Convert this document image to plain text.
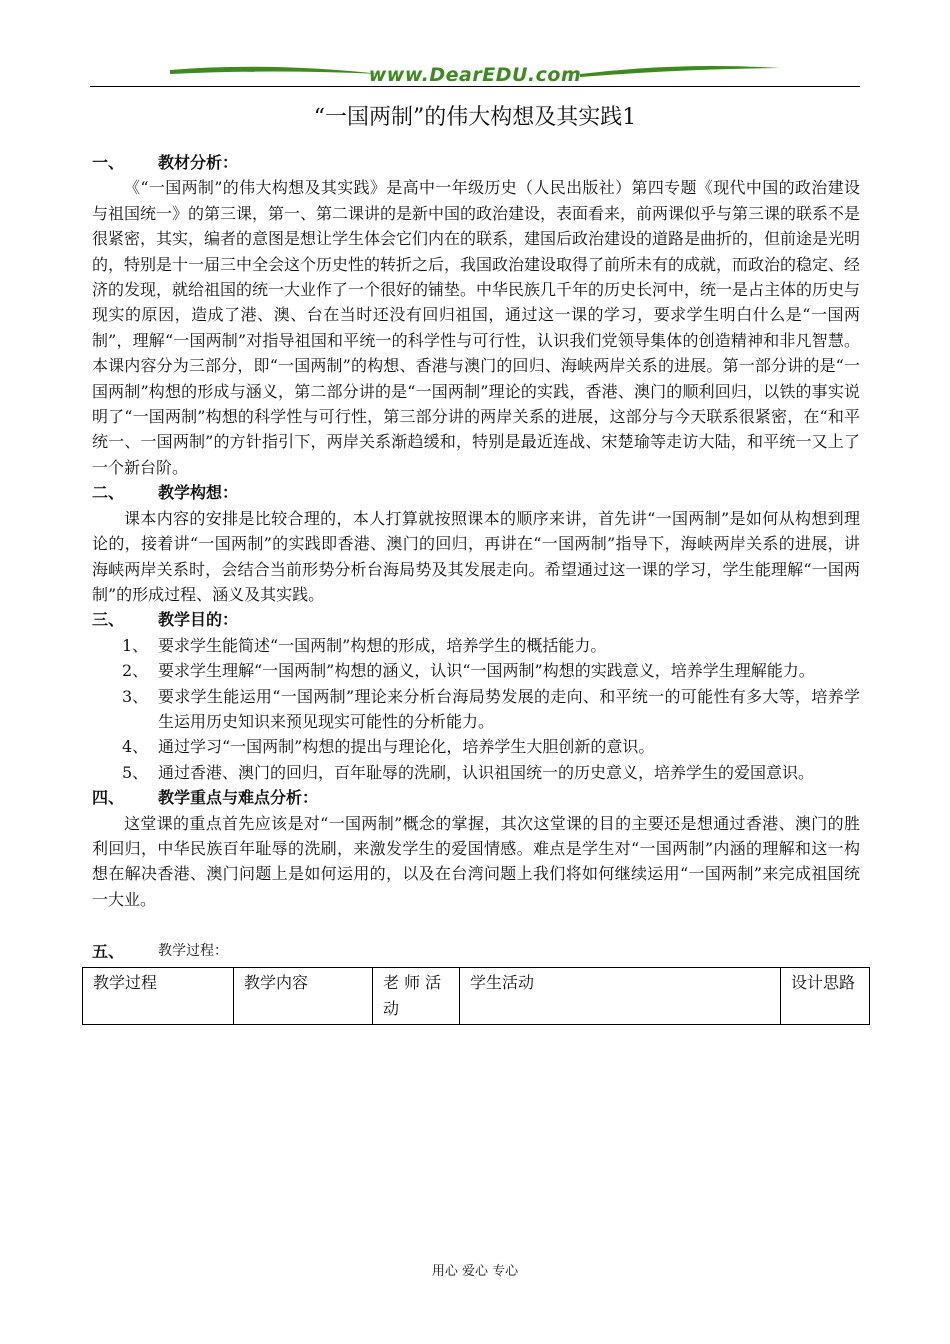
www.DearEDU.com
“一国两制”的伟大构想及其实践1
一、	教材分析：

《“一国两制”的伟大构想及其实践》是高中一年级历史（人民出版社）第四专题《现代中国的政治建设与祖国统一》的第三课，第一、第二课讲的是新中国的政治建设，表面看来，前两课似乎与第三课的联系不是很紧密，其实，编者的意图是想让学生体会它们内在的联系，建国后政治建设的道路是曲折的，但前途是光明的，特别是十一届三中全会这个历史性的转折之后，我国政治建设取得了前所未有的成就，而政治的稳定、经济的发现，就给祖国的统一大业作了一个很好的铺垫。中华民族几千年的历史长河中，统一是占主体的历史与现实的原因，造成了港、澳、台在当时还没有回归祖国，通过这一课的学习，要求学生明白什么是“一国两制”，理解“一国两制”对指导祖国和平统一的科学性与可行性，认识我们党领导集体的创造精神和非凡智慧。本课内容分为三部分，即“一国两制”的构想、香港与澳门的回归、海峡两岸关系的进展。第一部分讲的是“一国两制”构想的形成与涵义，第二部分讲的是“一国两制”理论的实践，香港、澳门的顺利回归，以铁的事实说明了“一国两制”构想的科学性与可行性，第三部分讲的两岸关系的进展，这部分与今天联系很紧密，在“和平统一、一国两制”的方针指引下，两岸关系渐趋缓和，特别是最近连战、宋楚瑜等走访大陆，和平统一又上了一个新台阶。

二、	教学构想：

课本内容的安排是比较合理的，本人打算就按照课本的顺序来讲，首先讲“一国两制”是如何从构想到理论的，接着讲“一国两制”的实践即香港、澳门的回归，再讲在“一国两制”指导下，海峡两岸关系的进展，讲海峡两岸关系时，会结合当前形势分析台海局势及其发展走向。希望通过这一课的学习，学生能理解“一国两制”的形成过程、涵义及其实践。

三、	教学目的：
1、 要求学生能简述“一国两制”构想的形成，培养学生的概括能力。
2、 要求学生理解“一国两制”构想的涵义，认识“一国两制”构想的实践意义，培养学生理解能力。
3、 要求学生能运用“一国两制”理论来分析台海局势发展的走向、和平统一的可能性有多大等，培养学生运用历史知识来预见现实可能性的分析能力。
4、 通过学习“一国两制”构想的提出与理论化，培养学生大胆创新的意识。
5、 通过香港、澳门的回归，百年耻辱的洗刷，认识祖国统一的历史意义，培养学生的爱国意识。
四、	教学重点与难点分析：

这堂课的重点首先应该是对“一国两制”概念的掌握，其次这堂课的目的主要还是想通过香港、澳门的胜利回归，中华民族百年耻辱的洗刷，来激发学生的爱国情感。难点是学生对“一国两制”内涵的理解和这一构想在解决香港、澳门问题上是如何运用的，以及在台湾问题上我们将如何继续运用“一国两制”来完成祖国统一大业。

五、	教学过程：
教学过程	教学内容	老 师 活 动	学生活动	设计思路
用心 爱心 专心
